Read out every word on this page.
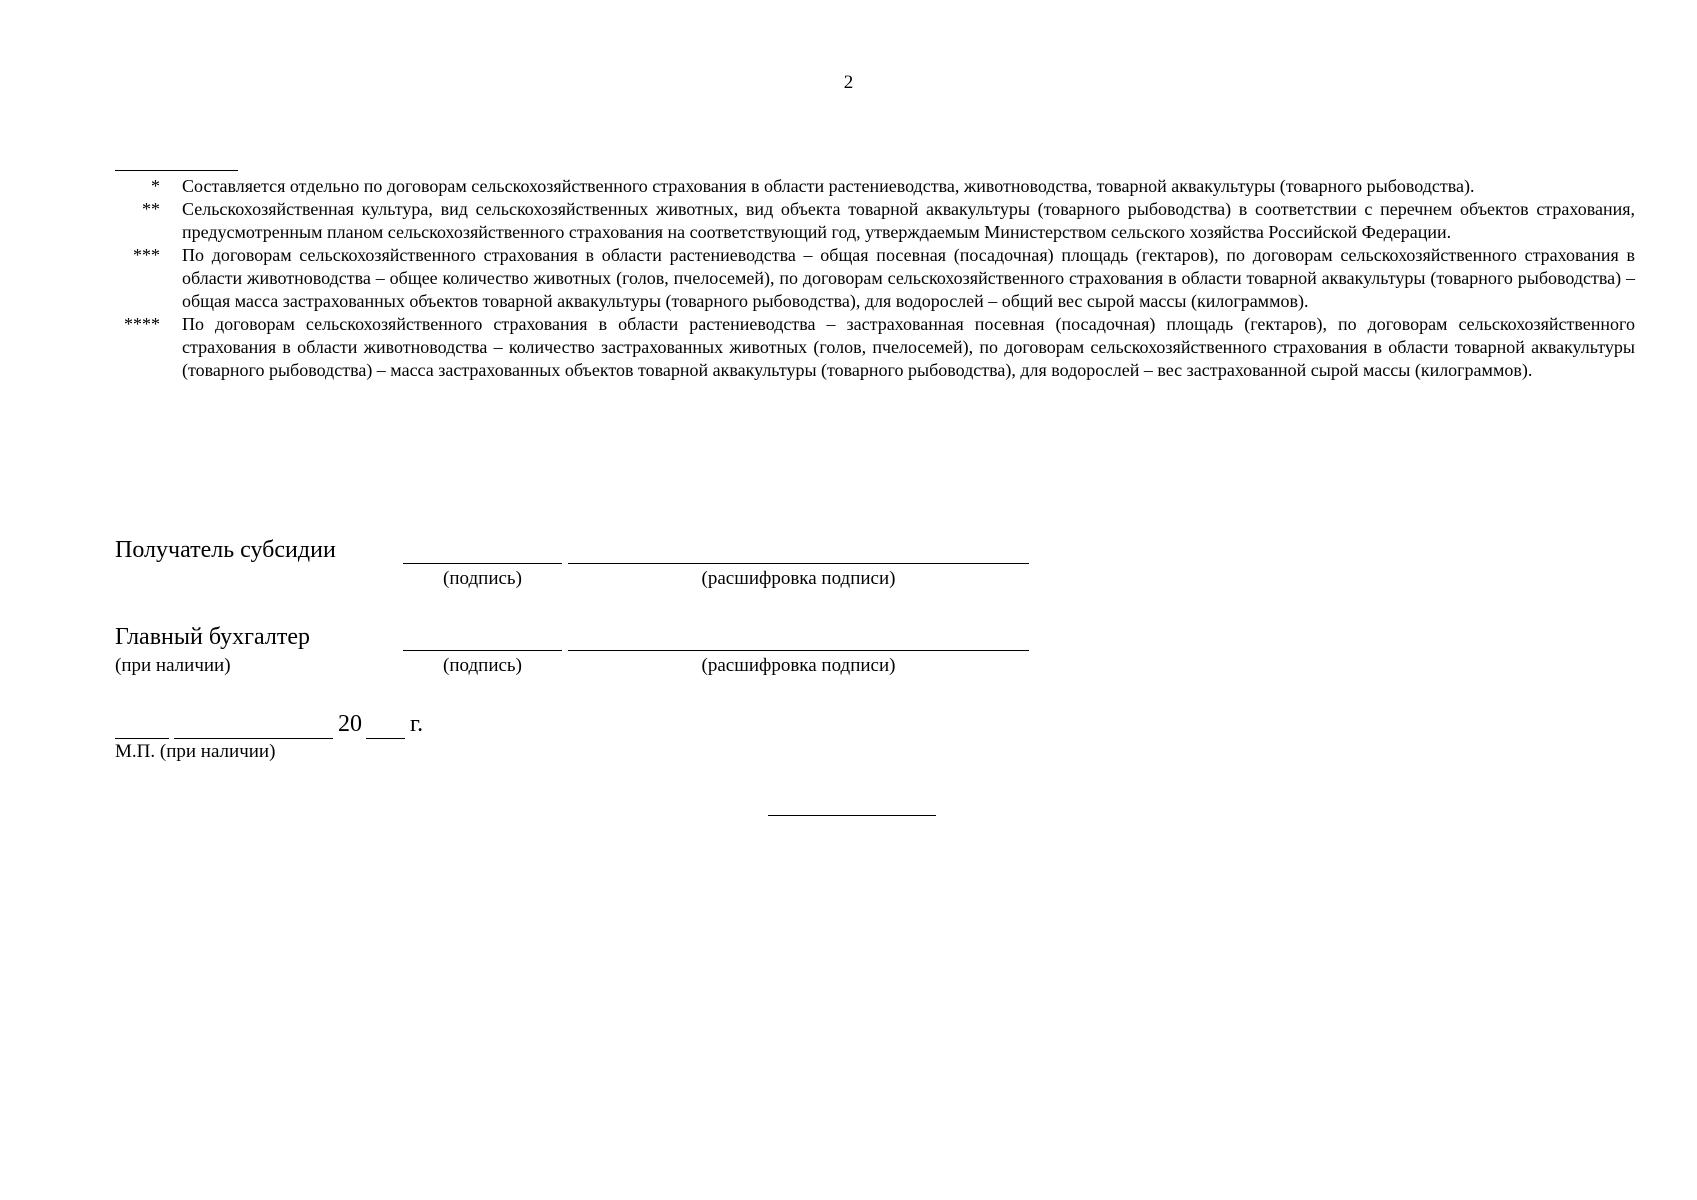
2
*	Составляется отдельно по договорам сельскохозяйственного страхования в области растениеводства, животноводства, товарной аквакультуры (товарного рыбоводства).
**	Сельскохозяйственная культура, вид сельскохозяйственных животных, вид объекта товарной аквакультуры (товарного рыбоводства) в соответствии с перечнем объектов страхования, предусмотренным планом сельскохозяйственного страхования на соответствующий год, утверждаемым Министерством сельского хозяйства Российской Федерации.
***	По договорам сельскохозяйственного страхования в области растениеводства – общая посевная (посадочная) площадь (гектаров), по договорам сельскохозяйственного страхования в области животноводства – общее количество животных (голов, пчелосемей), по договорам сельскохозяйственного страхования в области товарной аквакультуры (товарного рыбоводства) – общая масса застрахованных объектов товарной аквакультуры (товарного рыбоводства), для водорослей – общий вес сырой массы (килограммов).
****	По договорам сельскохозяйственного страхования в области растениеводства – застрахованная посевная (посадочная) площадь (гектаров), по договорам сельскохозяйственного страхования в области животноводства – количество застрахованных животных (голов, пчелосемей), по договорам сельскохозяйственного страхования в области товарной аквакультуры (товарного рыбоводства) – масса застрахованных объектов товарной аквакультуры (товарного рыбоводства), для водорослей – вес застрахованной сырой массы (килограммов).
Получатель субсидии
(подпись)	(расшифровка подписи)
Главный бухгалтер
(при наличии)	(подпись)	(расшифровка подписи)
20 г.
М.П. (при наличии)
